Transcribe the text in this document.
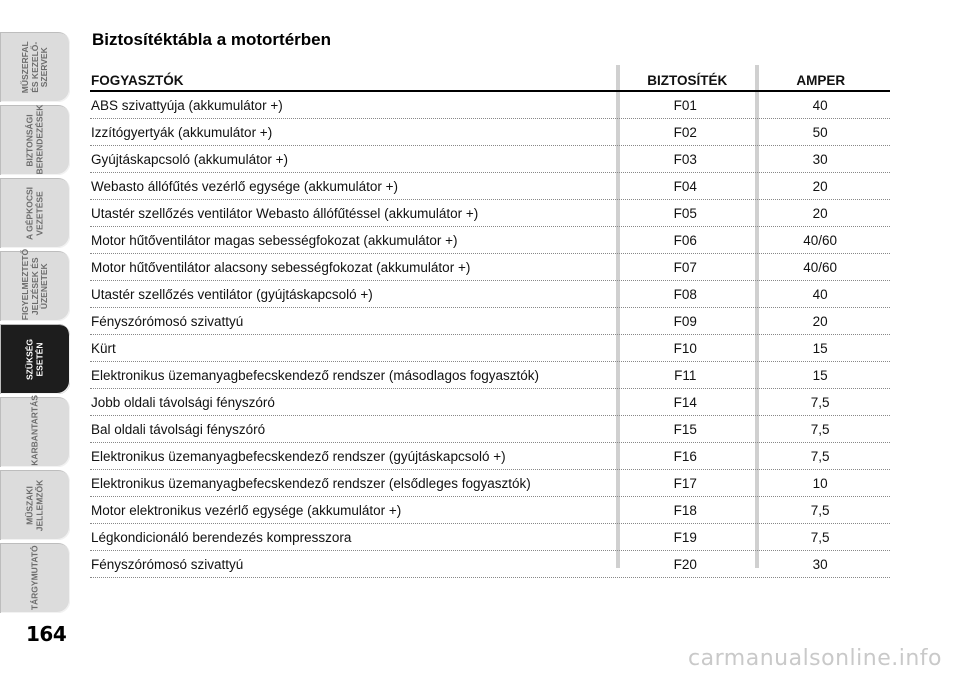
MŰSZERFAL
ÉS KEZELŐ-
SZERVEK
BIZTONSÁGI
BERENDEZÉSEK
A GÉPKOCSI
VEZETÉSE
FIGYELMEZTETŐ
JELZÉSEK ÉS
ÜZENETEK
SZÜKSÉG
ESETÉN
KARBANTARTÁS
MŰSZAKI
JELLEMZŐK
TÁRGYMUTATÓ
164
Biztosítéktábla a motortérben
FOGYASZTÓK	BIZTOSÍTÉK	AMPER
ABS szivattyúja (akkumulátor +)	F01	40
Izzítógyertyák (akkumulátor +)	F02	50
Gyújtáskapcsoló (akkumulátor +)	F03	30
Webasto állófűtés vezérlő egysége (akkumulátor +)	F04	20
Utastér szellőzés ventilátor Webasto állófűtéssel (akkumulátor +)	F05	20
Motor hűtőventilátor magas sebességfokozat (akkumulátor +)	F06	40/60
Motor hűtőventilátor alacsony sebességfokozat (akkumulátor +)	F07	40/60
Utastér szellőzés ventilátor (gyújtáskapcsoló +)	F08	40
Fényszórómosó szivattyú	F09	20
Kürt	F10	15
Elektronikus üzemanyagbefecskendező rendszer (másodlagos fogyasztók)	F11	15
Jobb oldali távolsági fényszóró	F14	7,5
Bal oldali távolsági fényszóró	F15	7,5
Elektronikus üzemanyagbefecskendező rendszer (gyújtáskapcsoló +)	F16	7,5
Elektronikus üzemanyagbefecskendező rendszer (elsődleges fogyasztók)	F17	10
Motor elektronikus vezérlő egysége (akkumulátor +)	F18	7,5
Légkondicionáló berendezés kompresszora	F19	7,5
Fényszórómosó szivattyú	F20	30
carmanualsonline.info
